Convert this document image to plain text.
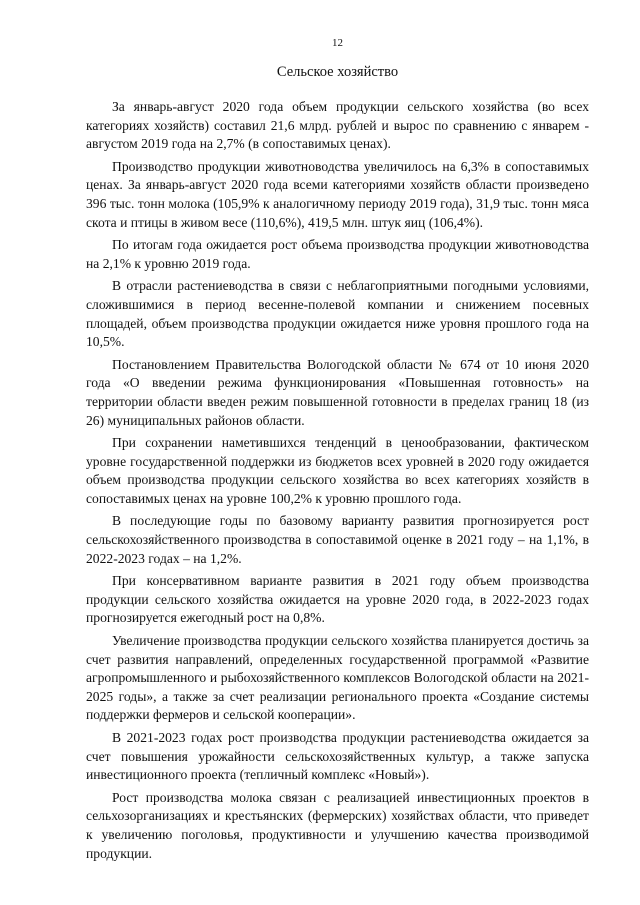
12
Сельское хозяйство

За январь-август 2020 года объем продукции сельского хозяйства (во всех категориях хозяйств) составил 21,6 млрд. рублей и вырос по сравнению с январем - августом 2019 года на 2,7% (в сопоставимых ценах).

Производство продукции животноводства увеличилось на 6,3% в сопоставимых ценах. За январь-август 2020 года всеми категориями хозяйств области произведено 396 тыс. тонн молока (105,9% к аналогичному периоду 2019 года), 31,9 тыс. тонн мяса скота и птицы в живом весе (110,6%), 419,5 млн. штук яиц (106,4%).

По итогам года ожидается рост объема производства продукции животноводства на 2,1% к уровню 2019 года.

В отрасли растениеводства в связи с неблагоприятными погодными условиями, сложившимися в период весенне-полевой компании и снижением посевных площадей, объем производства продукции ожидается ниже уровня прошлого года на 10,5%.

Постановлением Правительства Вологодской области № 674 от 10 июня 2020 года «О введении режима функционирования «Повышенная готовность» на территории области введен режим повышенной готовности в пределах границ 18 (из 26) муниципальных районов области.

При сохранении наметившихся тенденций в ценообразовании, фактическом уровне государственной поддержки из бюджетов всех уровней в 2020 году ожидается объем производства продукции сельского хозяйства во всех категориях хозяйств в сопоставимых ценах на уровне 100,2% к уровню прошлого года.

В последующие годы по базовому варианту развития прогнозируется рост сельскохозяйственного производства в сопоставимой оценке в 2021 году – на 1,1%, в 2022-2023 годах – на 1,2%.

При консервативном варианте развития в 2021 году объем производства продукции сельского хозяйства ожидается на уровне 2020 года, в 2022-2023 годах прогнозируется ежегодный рост на 0,8%.

Увеличение производства продукции сельского хозяйства планируется достичь за счет развития направлений, определенных государственной программой «Развитие агропромышленного и рыбохозяйственного комплексов Вологодской области на 2021-2025 годы», а также за счет реализации регионального проекта «Создание системы поддержки фермеров и сельской кооперации».

В 2021-2023 годах рост производства продукции растениеводства ожидается за счет повышения урожайности сельскохозяйственных культур, а также запуска инвестиционного проекта (тепличный комплекс «Новый»).

Рост производства молока связан с реализацией инвестиционных проектов в сельхозорганизациях и крестьянских (фермерских) хозяйствах области, что приведет к увеличению поголовья, продуктивности и улучшению качества производимой продукции.
